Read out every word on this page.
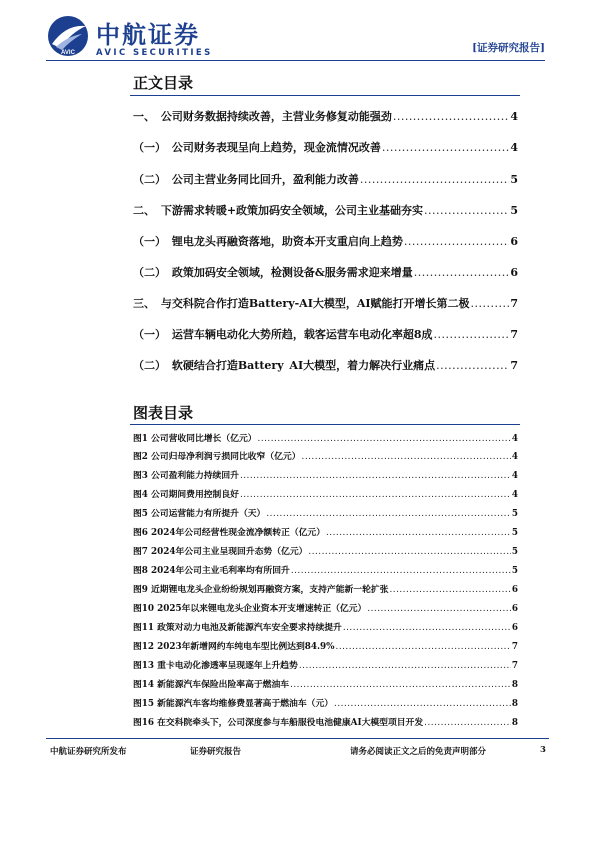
AVIC
中航证券
AVIC SECURITIES	[证券研究报告]
正文目录
一、 公司财务数据持续改善，主营业务修复动能强劲 .....	4
（一） 公司财务表现呈向上趋势，现金流情况改善 .....	4
（二） 公司主营业务同比回升，盈利能力改善 .....	5
二、 下游需求转暖+政策加码安全领域，公司主业基础夯实 .....	5
（一） 锂电龙头再融资落地，助资本开支重启向上趋势 .....	6
（二） 政策加码安全领域，检测设备&服务需求迎来增量 .....	6
三、 与交科院合作打造Battery-AI大模型，AI赋能打开增长第二极 .....	7
（一） 运营车辆电动化大势所趋，载客运营车电动化率超8成 .....	7
（二） 软硬结合打造Battery AI大模型，着力解决行业痛点 .....	7
图表目录
图1 公司营收同比增长（亿元） .....	4
图2 公司归母净利润亏损同比收窄（亿元） .....	4
图3 公司盈利能力持续回升 .....	4
图4 公司期间费用控制良好 .....	4
图5 公司运营能力有所提升（天） .....	5
图6 2024年公司经营性现金流净额转正（亿元） .....	5
图7 2024年公司主业呈现回升态势（亿元） .....	5
图8 2024年公司主业毛利率均有所回升 .....	5
图9 近期锂电龙头企业纷纷规划再融资方案，支持产能新一轮扩张 .....	6
图10 2025年以来锂电龙头企业资本开支增速转正（亿元） .....	6
图11 政策对动力电池及新能源汽车安全要求持续提升 .....	6
图12 2023年新增网约车纯电车型比例达到84.9% .....	7
图13 重卡电动化渗透率呈现逐年上升趋势 .....	7
图14 新能源汽车保险出险率高于燃油车 .....	8
图15 新能源汽车客均维修费显著高于燃油车（元） .....	8
图16 在交科院牵头下，公司深度参与车船服役电池健康AI大模型项目开发 .....	8
中航证券研究所发布	证券研究报告	请务必阅读正文之后的免责声明部分	3
